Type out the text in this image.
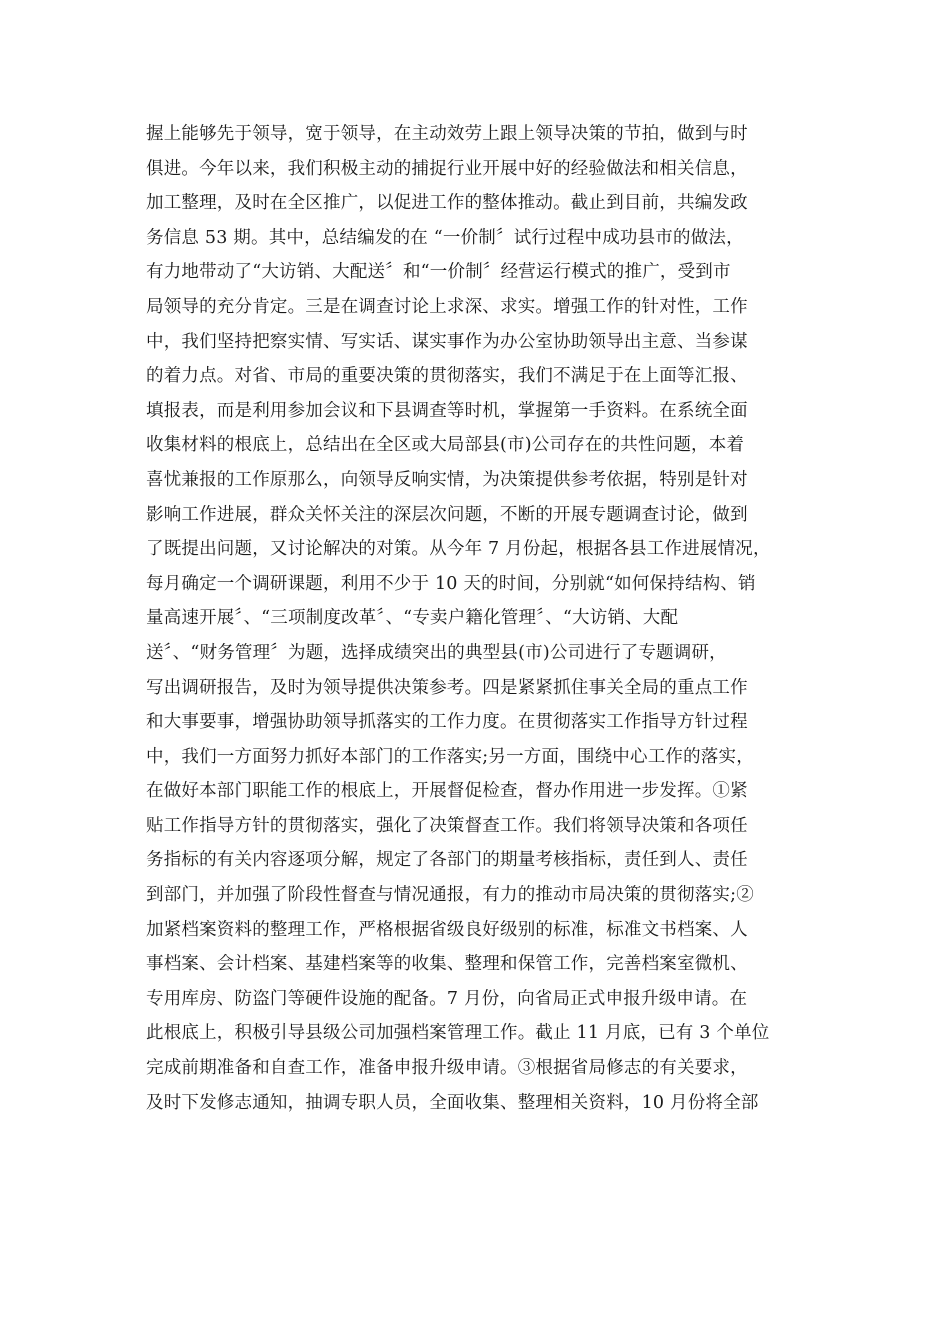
握上能够先于领导，宽于领导，在主动效劳上跟上领导决策的节拍，做到与时
俱进。今年以来，我们积极主动的捕捉行业开展中好的经验做法和相关信息，
加工整理，及时在全区推广，以促进工作的整体推动。截止到目前，共编发政
务信息 53 期。其中，总结编发的在 “一价制〞试行过程中成功县市的做法，
有力地带动了“大访销、大配送〞和“一价制〞经营运行模式的推广，受到市
局领导的充分肯定。三是在调查讨论上求深、求实。增强工作的针对性，工作
中，我们坚持把察实情、写实话、谋实事作为办公室协助领导出主意、当参谋
的着力点。对省、市局的重要决策的贯彻落实，我们不满足于在上面等汇报、
填报表，而是利用参加会议和下县调查等时机，掌握第一手资料。在系统全面
收集材料的根底上，总结出在全区或大局部县(市)公司存在的共性问题，本着
喜忧兼报的工作原那么，向领导反响实情，为决策提供参考依据，特别是针对
影响工作进展，群众关怀关注的深层次问题，不断的开展专题调查讨论，做到
了既提出问题，又讨论解决的对策。从今年 7 月份起，根据各县工作进展情况，
每月确定一个调研课题，利用不少于 10 天的时间，分别就“如何保持结构、销
量高速开展〞、“三项制度改革〞、“专卖户籍化管理〞、“大访销、大配
送〞、“财务管理〞为题，选择成绩突出的典型县(市)公司进行了专题调研，
写出调研报告，及时为领导提供决策参考。四是紧紧抓住事关全局的重点工作
和大事要事，增强协助领导抓落实的工作力度。在贯彻落实工作指导方针过程
中，我们一方面努力抓好本部门的工作落实;另一方面，围绕中心工作的落实，
在做好本部门职能工作的根底上，开展督促检查，督办作用进一步发挥。①紧
贴工作指导方针的贯彻落实，强化了决策督查工作。我们将领导决策和各项任
务指标的有关内容逐项分解，规定了各部门的期量考核指标，责任到人、责任
到部门，并加强了阶段性督查与情况通报，有力的推动市局决策的贯彻落实;②
加紧档案资料的整理工作，严格根据省级良好级别的标准，标准文书档案、人
事档案、会计档案、基建档案等的收集、整理和保管工作，完善档案室微机、
专用库房、防盗门等硬件设施的配备。7 月份，向省局正式申报升级申请。在
此根底上，积极引导县级公司加强档案管理工作。截止 11 月底，已有 3 个单位
完成前期准备和自查工作，准备申报升级申请。③根据省局修志的有关要求，
及时下发修志通知，抽调专职人员，全面收集、整理相关资料，10 月份将全部
